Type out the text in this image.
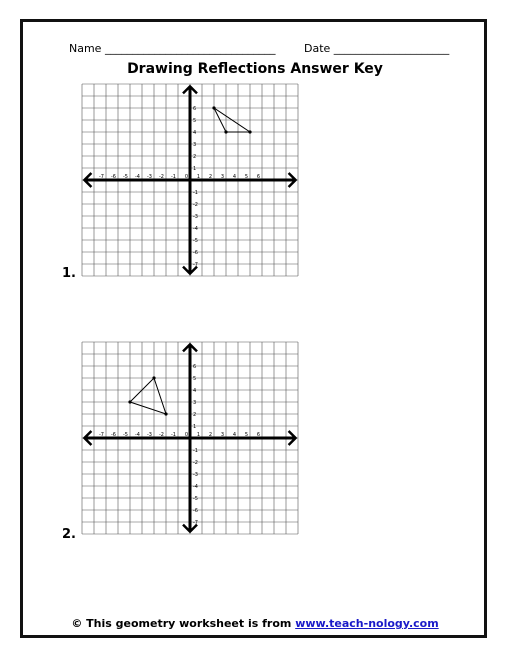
Name _______________________________	Date _____________________

Drawing Reflections Answer Key
-7 -6 -5 -4 -3 -2 -1 0 1 2 3 4 5 6
6
5
4
3
2
1
-1
-2
-3
-4
-5
-6
-7
1.
-7 -6 -5 -4 -3 -2 -1 0 1 2 3 4 5 6
6
5
4
3
2
1
-1
-2
-3
-4
-5
-6
-7
2.
© This geometry worksheet is from www.teach-nology.com
